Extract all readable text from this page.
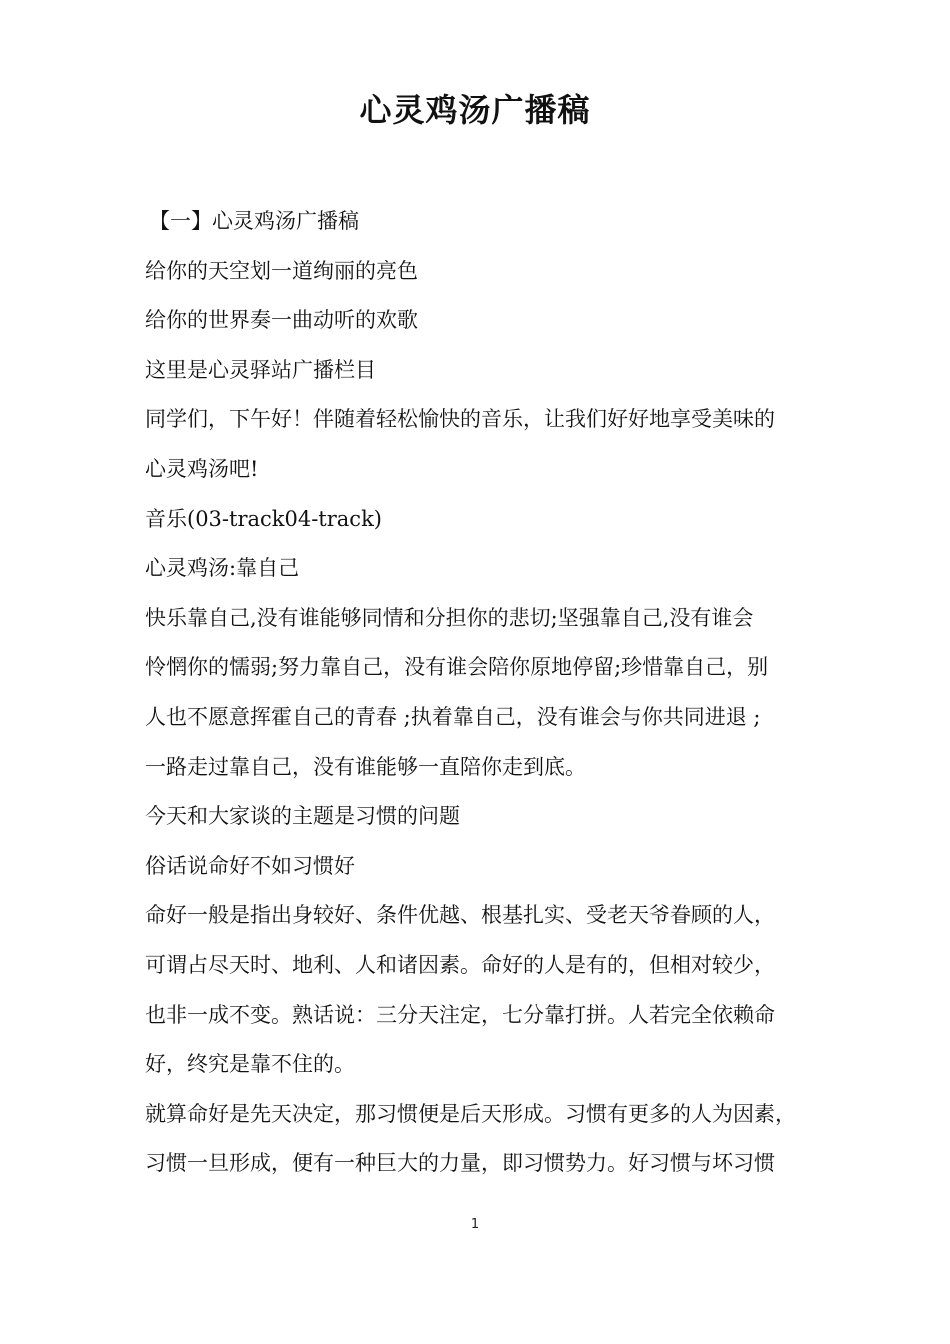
心灵鸡汤广播稿
【一】心灵鸡汤广播稿
给你的天空划一道绚丽的亮色
给你的世界奏一曲动听的欢歌
这里是心灵驿站广播栏目
同学们，下午好！伴随着轻松愉快的音乐，让我们好好地享受美味的
心灵鸡汤吧!
音乐(03-track04-track)
心灵鸡汤:靠自己
快乐靠自己,没有谁能够同情和分担你的悲切;坚强靠自己,没有谁会
怜惘你的懦弱;努力靠自己，没有谁会陪你原地停留;珍惜靠自己，别
人也不愿意挥霍自己的青春 ;执着靠自己，没有谁会与你共同进退 ;
一路走过靠自己，没有谁能够一直陪你走到底。
今天和大家谈的主题是习惯的问题
俗话说命好不如习惯好
命好一般是指出身较好、条件优越、根基扎实、受老天爷眷顾的人，
可谓占尽天时、地利、人和诸因素。命好的人是有的，但相对较少，
也非一成不变。熟话说：三分天注定，七分靠打拼。人若完全依赖命
好，终究是靠不住的。
就算命好是先天决定，那习惯便是后天形成。习惯有更多的人为因素，
习惯一旦形成，便有一种巨大的力量，即习惯势力。好习惯与坏习惯
1
